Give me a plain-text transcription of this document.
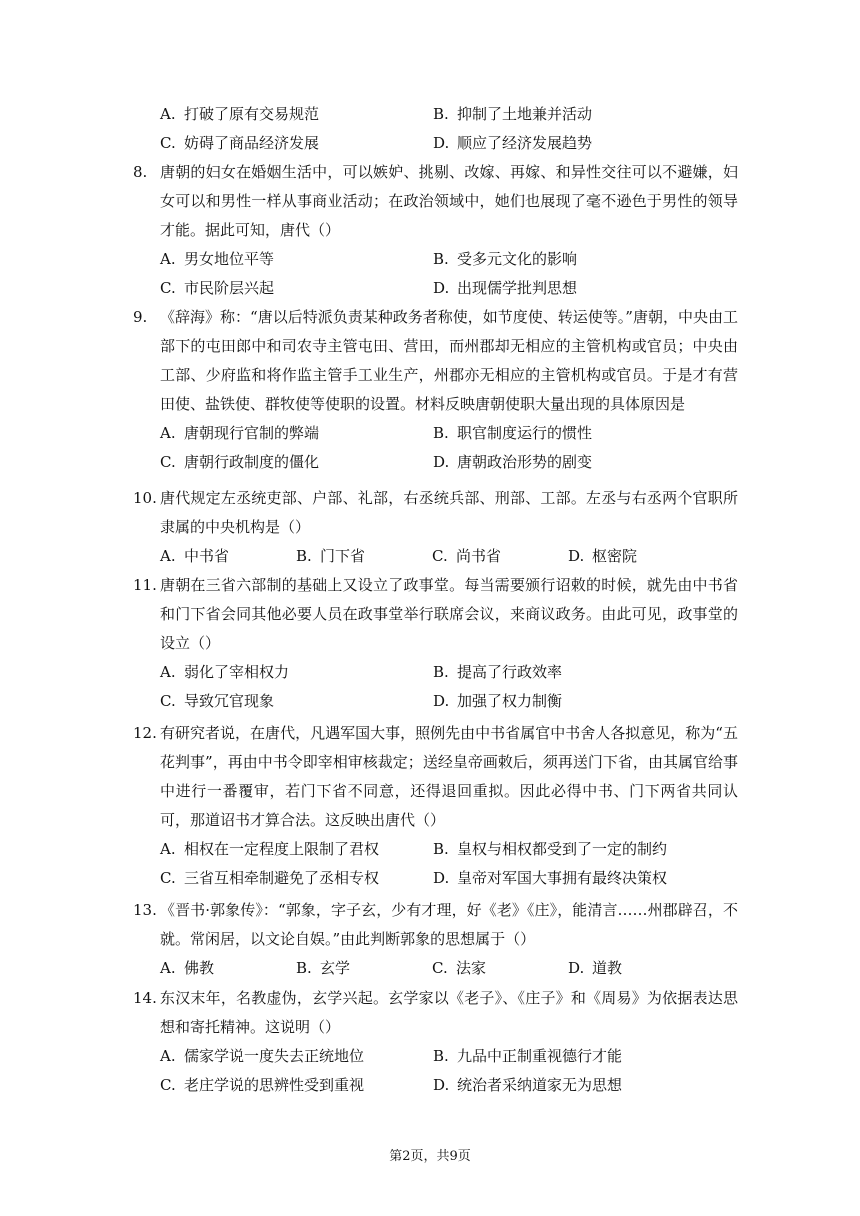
A. 打破了原有交易规范	B. 抑制了土地兼并活动
C. 妨碍了商品经济发展	D. 顺应了经济发展趋势
8. 唐朝的妇女在婚姻生活中，可以嫉妒、挑剔、改嫁、再嫁、和异性交往可以不避嫌，妇女可以和男性一样从事商业活动；在政治领域中，她们也展现了毫不逊色于男性的领导才能。据此可知，唐代（）
A. 男女地位平等	B. 受多元文化的影响
C. 市民阶层兴起	D. 出现儒学批判思想
9. 《辞海》称：“唐以后特派负责某种政务者称使，如节度使、转运使等。”唐朝，中央由工部下的屯田郎中和司农寺主管屯田、营田，而州郡却无相应的主管机构或官员；中央由工部、少府监和将作监主管手工业生产，州郡亦无相应的主管机构或官员。于是才有营田使、盐铁使、群牧使等使职的设置。材料反映唐朝使职大量出现的具体原因是
A. 唐朝现行官制的弊端	B. 职官制度运行的惯性
C. 唐朝行政制度的僵化	D. 唐朝政治形势的剧变
10. 唐代规定左丞统吏部、户部、礼部，右丞统兵部、刑部、工部。左丞与右丞两个官职所隶属的中央机构是（）
A. 中书省	B. 门下省	C. 尚书省	D. 枢密院
11. 唐朝在三省六部制的基础上又设立了政事堂。每当需要颁行诏敕的时候，就先由中书省和门下省会同其他必要人员在政事堂举行联席会议，来商议政务。由此可见，政事堂的设立（）
A. 弱化了宰相权力	B. 提高了行政效率
C. 导致冗官现象	D. 加强了权力制衡
12. 有研究者说，在唐代，凡遇军国大事，照例先由中书省属官中书舍人各拟意见，称为“五花判事”，再由中书令即宰相审核裁定；送经皇帝画敕后，须再送门下省，由其属官给事中进行一番覆审，若门下省不同意，还得退回重拟。因此必得中书、门下两省共同认可，那道诏书才算合法。这反映出唐代（）
A. 相权在一定程度上限制了君权	B. 皇权与相权都受到了一定的制约
C. 三省互相牵制避免了丞相专权	D. 皇帝对军国大事拥有最终决策权
13. 《晋书·郭象传》：“郭象，字子玄，少有才理，好《老》《庄》，能清言……州郡辟召，不就。常闲居，以文论自娱。”由此判断郭象的思想属于（）
A. 佛教	B. 玄学	C. 法家	D. 道教
14. 东汉末年，名教虚伪，玄学兴起。玄学家以《老子》、《庄子》和《周易》为依据表达思想和寄托精神。这说明（）
A. 儒家学说一度失去正统地位	B. 九品中正制重视德行才能
C. 老庄学说的思辨性受到重视	D. 统治者采纳道家无为思想
第2页，共9页
